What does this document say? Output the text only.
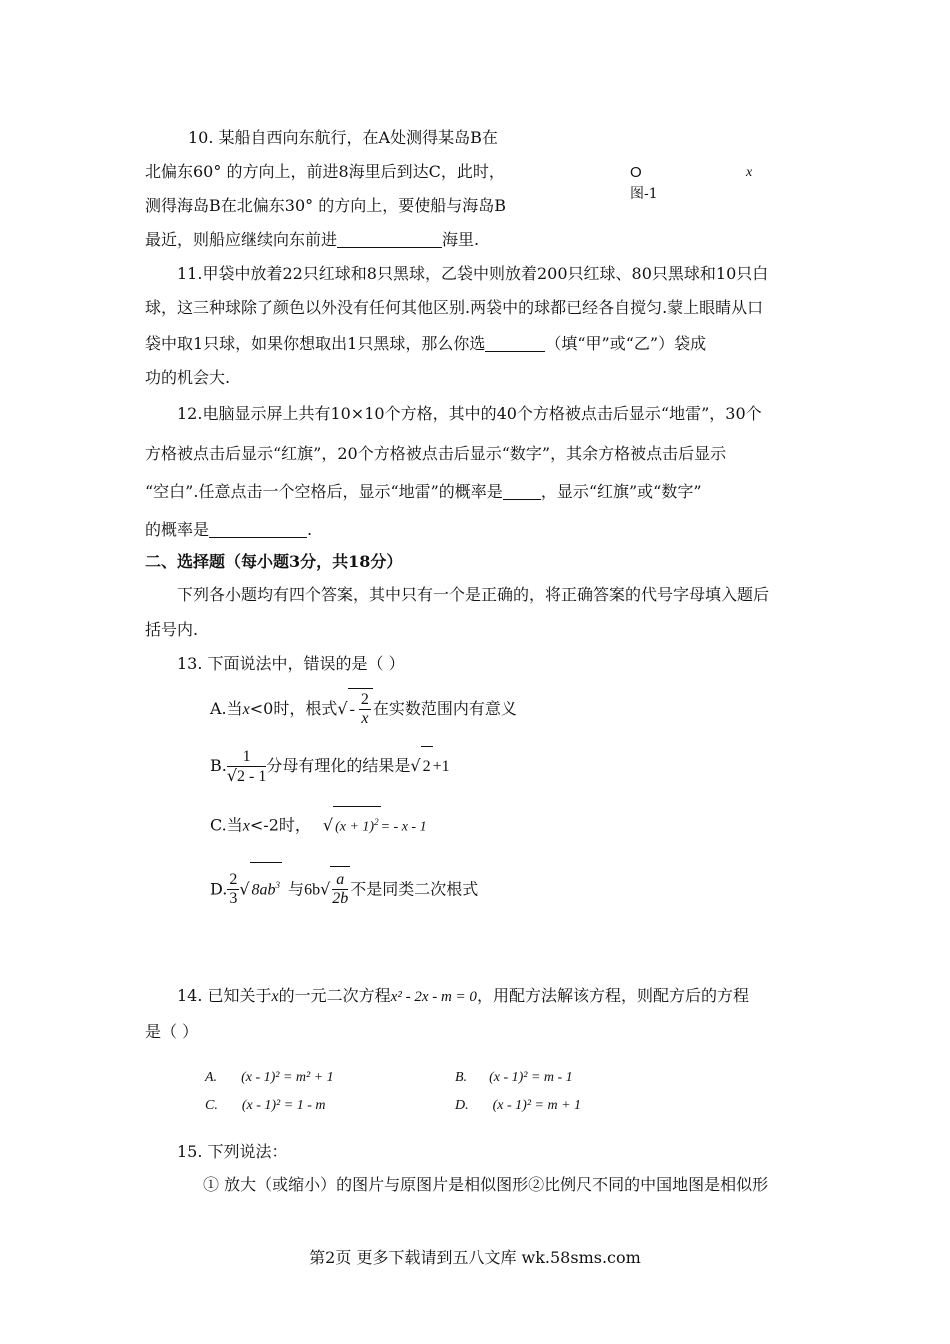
10. 某船自西向东航行，在A处测得某岛B在
北偏东60° 的方向上，前进8海里后到达C，此时，
测得海岛B在北偏东30° 的方向上，要使船与海岛B
最近，则船应继续向东前进	海里.
O
图-1
x
11.甲袋中放着22只红球和8只黑球，乙袋中则放着200只红球、80只黑球和10只白
球，这三种球除了颜色以外没有任何其他区别.两袋中的球都已经各自搅匀.蒙上眼睛从口
袋中取1只球，如果你想取出1只黑球，那么你选	（填“甲”或“乙”）袋成
功的机会大.
12.电脑显示屏上共有10×10个方格，其中的40个方格被点击后显示“地雷”，30个
方格被点击后显示“红旗”，20个方格被点击后显示“数字”，其余方格被点击后显示
“空白”.任意点击一个空格后，显示“地雷”的概率是 ，显示“红旗”或“数字”
的概率是	.
二、选择题（每小题3分，共18分）
下列各小题均有四个答案，其中只有一个是正确的，将正确答案的代号字母填入题后
括号内.
13. 下面说法中，错误的是（ ）
A.当x<0时，根式√ - $\frac{2}{x}$ 在实数范围内有意义
B. $\frac{1}{√2 - 1}$ 分母有理化的结果是√ 2 +1
C.当x<-2时， √ $(x + 1)^2$ = - x - 1
D. $\frac{2}{3}$ √ $8ab^3$ 与$6b√ \frac{a}{2b}$ 不是同类二次根式
14. 已知关于x的一元二次方程x² - 2x - m = 0，用配方法解该方程，则配方后的方程
是（ ）
A. (x - 1)² = m² + 1	B. (x - 1)² = m - 1
C. (x - 1)² = 1 - m	D. (x - 1)² = m + 1
15. 下列说法：
① 放大（或缩小）的图片与原图片是相似图形②比例尺不同的中国地图是相似形
第2页 更多下载请到五八文库 wk.58sms.com
